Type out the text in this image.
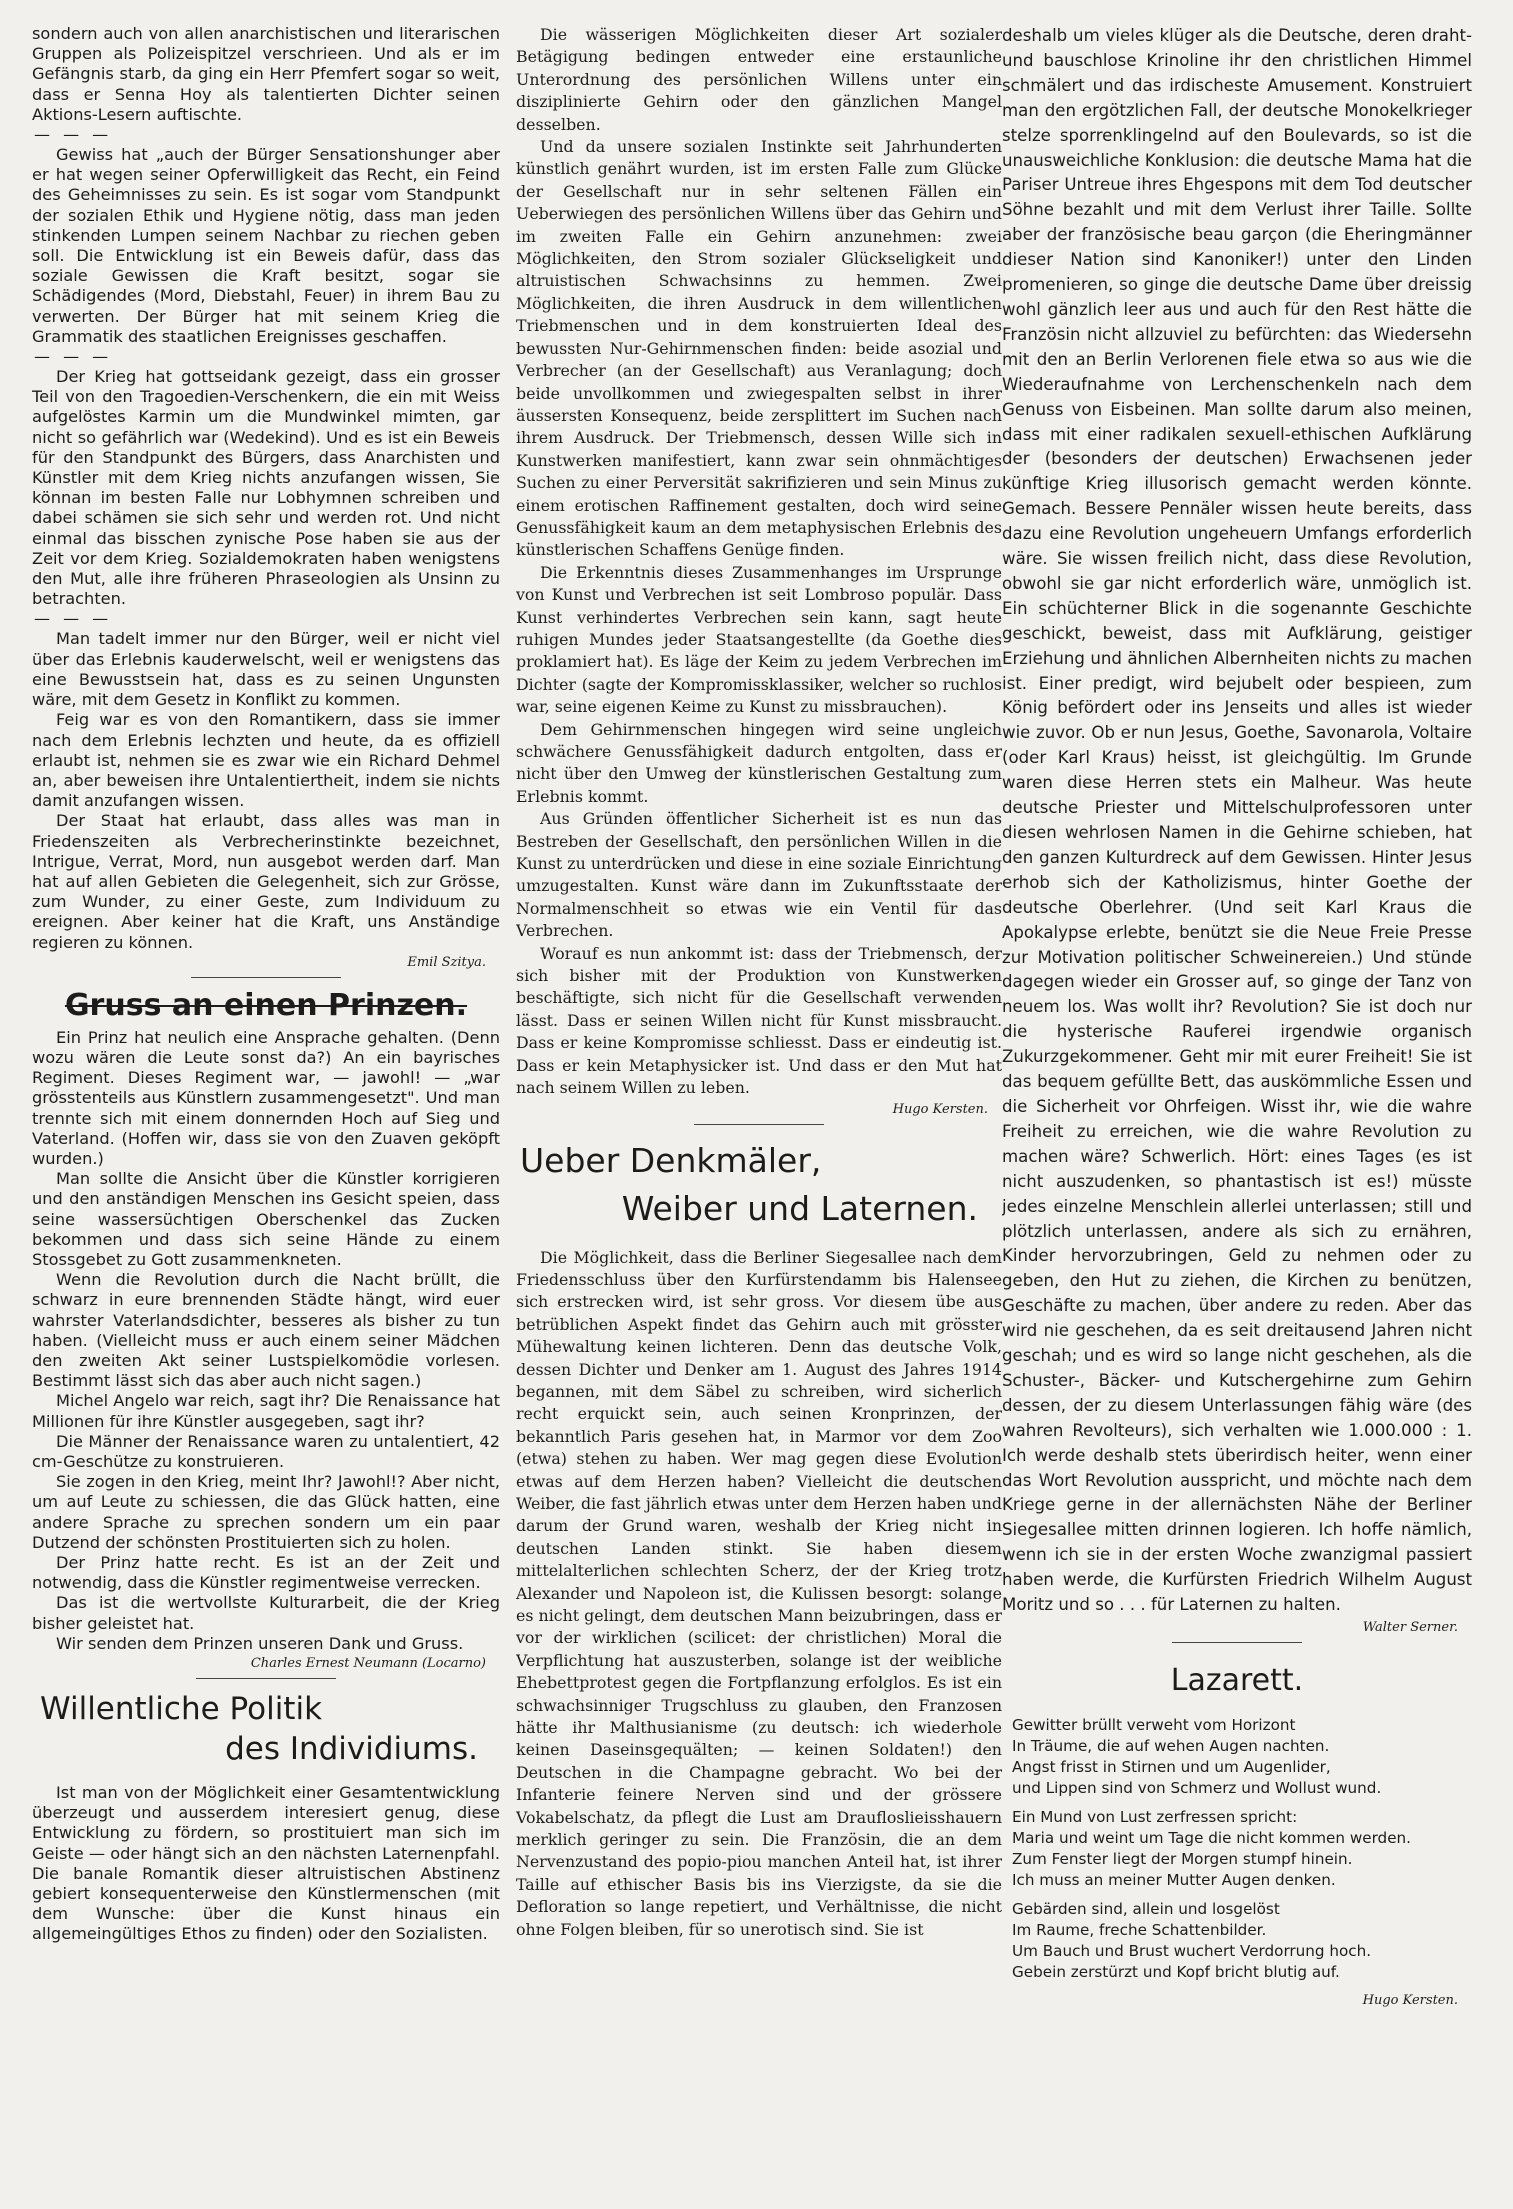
sondern auch von allen anarchistischen und literarischen Gruppen als Polizeispitzel verschrieen. Und als er im Gefängnis starb, da ging ein Herr Pfemfert sogar so weit, dass er Senna Hoy als talentierten Dichter seinen Aktions-Lesern auftischte.

— — —

Gewiss hat „auch der Bürger Sensationshunger aber er hat wegen seiner Opferwilligkeit das Recht, ein Feind des Geheimnisses zu sein. Es ist sogar vom Standpunkt der sozialen Ethik und Hygiene nötig, dass man jeden stinkenden Lumpen seinem Nachbar zu riechen geben soll. Die Entwicklung ist ein Beweis dafür, dass das soziale Gewissen die Kraft besitzt, sogar sie Schädigendes (Mord, Diebstahl, Feuer) in ihrem Bau zu verwerten. Der Bürger hat mit seinem Krieg die Grammatik des staatlichen Ereignisses geschaffen.

— — —

Der Krieg hat gottseidank gezeigt, dass ein grosser Teil von den Tragoedien-Verschenkern, die ein mit Weiss aufgelöstes Karmin um die Mundwinkel mimten, gar nicht so gefährlich war (Wedekind). Und es ist ein Beweis für den Standpunkt des Bürgers, dass Anarchisten und Künstler mit dem Krieg nichts anzufangen wissen, Sie könnan im besten Falle nur Lobhymnen schreiben und dabei schämen sie sich sehr und werden rot. Und nicht einmal das bisschen zynische Pose haben sie aus der Zeit vor dem Krieg. Sozialdemokraten haben wenigstens den Mut, alle ihre früheren Phraseologien als Unsinn zu betrachten.

— — —

Man tadelt immer nur den Bürger, weil er nicht viel über das Erlebnis kauderwelscht, weil er wenigstens das eine Bewusstsein hat, dass es zu seinen Ungunsten wäre, mit dem Gesetz in Konflikt zu kommen.

Feig war es von den Romantikern, dass sie immer nach dem Erlebnis lechzten und heute, da es offiziell erlaubt ist, nehmen sie es zwar wie ein Richard Dehmel an, aber beweisen ihre Untalentiertheit, indem sie nichts damit anzufangen wissen.

Der Staat hat erlaubt, dass alles was man in Friedenszeiten als Verbrecherinstinkte bezeichnet, Intrigue, Verrat, Mord, nun ausgebot werden darf. Man hat auf allen Gebieten die Gelegenheit, sich zur Grösse, zum Wunder, zu einer Geste, zum Individuum zu ereignen. Aber keiner hat die Kraft, uns Anständige regieren zu können.

Emil Szitya.
Gruss an einen Prinzen.

Ein Prinz hat neulich eine Ansprache gehalten. (Denn wozu wären die Leute sonst da?) An ein bayrisches Regiment. Dieses Regiment war, — jawohl! — „war grösstenteils aus Künstlern zusammengesetzt". Und man trennte sich mit einem donnernden Hoch auf Sieg und Vaterland. (Hoffen wir, dass sie von den Zuaven geköpft wurden.)

Man sollte die Ansicht über die Künstler korrigieren und den anständigen Menschen ins Gesicht speien, dass seine wassersüchtigen Oberschenkel das Zucken bekommen und dass sich seine Hände zu einem Stossgebet zu Gott zusammenkneten.

Wenn die Revolution durch die Nacht brüllt, die schwarz in eure brennenden Städte hängt, wird euer wahrster Vaterlandsdichter, besseres als bisher zu tun haben. (Vielleicht muss er auch einem seiner Mädchen den zweiten Akt seiner Lustspielkomödie vorlesen. Bestimmt lässt sich das aber auch nicht sagen.)

Michel Angelo war reich, sagt ihr? Die Renaissance hat Millionen für ihre Künstler ausgegeben, sagt ihr?

Die Männer der Renaissance waren zu untalentiert, 42 cm-Geschütze zu konstruieren.

Sie zogen in den Krieg, meint Ihr? Jawohl!? Aber nicht, um auf Leute zu schiessen, die das Glück hatten, eine andere Sprache zu sprechen sondern um ein paar Dutzend der schönsten Prostituierten sich zu holen.

Der Prinz hatte recht. Es ist an der Zeit und notwendig, dass die Künstler regimentweise verrecken.

Das ist die wertvollste Kulturarbeit, die der Krieg bisher geleistet hat.

Wir senden dem Prinzen unseren Dank und Gruss.

Charles Ernest Neumann (Locarno)
Willentliche Politik
des Individiums.

Ist man von der Möglichkeit einer Gesamtentwicklung überzeugt und ausserdem interesiert genug, diese Entwicklung zu fördern, so prostituiert man sich im Geiste — oder hängt sich an den nächsten Laternenpfahl. Die banale Romantik dieser altruistischen Abstinenz gebiert konsequenterweise den Künstlermenschen (mit dem Wunsche: über die Kunst hinaus ein allgemeingültiges Ethos zu finden) oder den Sozialisten.

Die wässerigen Möglichkeiten dieser Art sozialer Betägigung bedingen entweder eine erstaunliche Unterordnung des persönlichen Willens unter ein disziplinierte Gehirn oder den gänzlichen Mangel desselben.

Und da unsere sozialen Instinkte seit Jahrhunderten künstlich genährt wurden, ist im ersten Falle zum Glücke der Gesellschaft nur in sehr seltenen Fällen ein Ueberwiegen des persönlichen Willens über das Gehirn und im zweiten Falle ein Gehirn anzunehmen: zwei Möglichkeiten, den Strom sozialer Glückseligkeit und altruistischen Schwachsinns zu hemmen. Zwei Möglichkeiten, die ihren Ausdruck in dem willentlichen Triebmenschen und in dem konstruierten Ideal des bewussten Nur-Gehirnmenschen finden: beide asozial und Verbrecher (an der Gesellschaft) aus Veranlagung; doch beide unvollkommen und zwiegespalten selbst in ihrer äussersten Konsequenz, beide zersplittert im Suchen nach ihrem Ausdruck. Der Triebmensch, dessen Wille sich in Kunstwerken manifestiert, kann zwar sein ohnmächtiges Suchen zu einer Perversität sakrifizieren und sein Minus zu einem erotischen Raffinement gestalten, doch wird seine Genussfähigkeit kaum an dem metaphysischen Erlebnis des künstlerischen Schaffens Genüge finden.

Die Erkenntnis dieses Zusammenhanges im Ursprunge von Kunst und Verbrechen ist seit Lombroso populär. Dass Kunst verhindertes Verbrechen sein kann, sagt heute ruhigen Mundes jeder Staatsangestellte (da Goethe dies proklamiert hat). Es läge der Keim zu jedem Verbrechen im Dichter (sagte der Kompromissklassiker, welcher so ruchlos war, seine eigenen Keime zu Kunst zu missbrauchen).

Dem Gehirnmenschen hingegen wird seine ungleich schwächere Genussfähigkeit dadurch entgolten, dass er nicht über den Umweg der künstlerischen Gestaltung zum Erlebnis kommt.

Aus Gründen öffentlicher Sicherheit ist es nun das Bestreben der Gesellschaft, den persönlichen Willen in die Kunst zu unterdrücken und diese in eine soziale Einrichtung umzugestalten. Kunst wäre dann im Zukunftsstaate der Normalmenschheit so etwas wie ein Ventil für das Verbrechen.

Worauf es nun ankommt ist: dass der Triebmensch, der sich bisher mit der Produktion von Kunstwerken beschäftigte, sich nicht für die Gesellschaft verwenden lässt. Dass er seinen Willen nicht für Kunst missbraucht. Dass er keine Kompromisse schliesst. Dass er eindeutig ist. Dass er kein Metaphysicker ist. Und dass er den Mut hat nach seinem Willen zu leben.

Hugo Kersten.
Ueber Denkmäler,
Weiber und Laternen.

Die Möglichkeit, dass die Berliner Siegesallee nach dem Friedensschluss über den Kurfürstendamm bis Halensee sich erstrecken wird, ist sehr gross. Vor diesem übe aus betrüblichen Aspekt findet das Gehirn auch mit grösster Mühewaltung keinen lichteren. Denn das deutsche Volk, dessen Dichter und Denker am 1. August des Jahres 1914 begannen, mit dem Säbel zu schreiben, wird sicherlich recht erquickt sein, auch seinen Kronprinzen, der bekanntlich Paris gesehen hat, in Marmor vor dem Zoo (etwa) stehen zu haben. Wer mag gegen diese Evolution etwas auf dem Herzen haben? Vielleicht die deutschen Weiber, die fast jährlich etwas unter dem Herzen haben und darum der Grund waren, weshalb der Krieg nicht in deutschen Landen stinkt. Sie haben diesem mittelalterlichen schlechten Scherz, der der Krieg trotz Alexander und Napoleon ist, die Kulissen besorgt: solange es nicht gelingt, dem deutschen Mann beizubringen, dass er vor der wirklichen (scilicet: der christlichen) Moral die Verpflichtung hat auszusterben, solange ist der weibliche Ehebettprotest gegen die Fortpflanzung erfolglos. Es ist ein schwachsinniger Trugschluss zu glauben, den Franzosen hätte ihr Malthusianisme (zu deutsch: ich wiederhole keinen Daseinsgequälten; — keinen Soldaten!) den Deutschen in die Champagne gebracht. Wo bei der Infanterie feinere Nerven sind und der grössere Vokabelschatz, da pflegt die Lust am Draufloslieisshauern merklich geringer zu sein. Die Französin, die an dem Nervenzustand des popio-piou manchen Anteil hat, ist ihrer Taille auf ethischer Basis bis ins Vierzigste, da sie die Defloration so lange repetiert, und Verhältnisse, die nicht ohne Folgen bleiben, für so unerotisch sind. Sie ist

deshalb um vieles klüger als die Deutsche, deren draht- und bauschlose Krinoline ihr den christlichen Himmel schmälert und das irdischeste Amusement. Konstruiert man den ergötzlichen Fall, der deutsche Monokelkrieger stelze sporrenklingelnd auf den Boulevards, so ist die unausweichliche Konklusion: die deutsche Mama hat die Pariser Untreue ihres Ehgespons mit dem Tod deutscher Söhne bezahlt und mit dem Verlust ihrer Taille. Sollte aber der französische beau garçon (die Eheringmänner dieser Nation sind Kanoniker!) unter den Linden promenieren, so ginge die deutsche Dame über dreissig wohl gänzlich leer aus und auch für den Rest hätte die Französin nicht allzuviel zu befürchten: das Wiedersehn mit den an Berlin Verlorenen fiele etwa so aus wie die Wiederaufnahme von Lerchenschenkeln nach dem Genuss von Eisbeinen. Man sollte darum also meinen, dass mit einer radikalen sexuell-ethischen Aufklärung der (besonders der deutschen) Erwachsenen jeder künftige Krieg illusorisch gemacht werden könnte. Gemach. Bessere Pennäler wissen heute bereits, dass dazu eine Revolution ungeheuern Umfangs erforderlich wäre. Sie wissen freilich nicht, dass diese Revolution, obwohl sie gar nicht erforderlich wäre, unmöglich ist. Ein schüchterner Blick in die sogenannte Geschichte geschickt, beweist, dass mit Aufklärung, geistiger Erziehung und ähnlichen Albernheiten nichts zu machen ist. Einer predigt, wird bejubelt oder bespieen, zum König befördert oder ins Jenseits und alles ist wieder wie zuvor. Ob er nun Jesus, Goethe, Savonarola, Voltaire (oder Karl Kraus) heisst, ist gleichgültig. Im Grunde waren diese Herren stets ein Malheur. Was heute deutsche Priester und Mittelschulprofessoren unter diesen wehrlosen Namen in die Gehirne schieben, hat den ganzen Kulturdreck auf dem Gewissen. Hinter Jesus erhob sich der Katholizismus, hinter Goethe der deutsche Oberlehrer. (Und seit Karl Kraus die Apokalypse erlebte, benützt sie die Neue Freie Presse zur Motivation politischer Schweinereien.) Und stünde dagegen wieder ein Grosser auf, so ginge der Tanz von neuem los. Was wollt ihr? Revolution? Sie ist doch nur die hysterische Rauferei irgendwie organisch Zukurzgekommener. Geht mir mit eurer Freiheit! Sie ist das bequem gefüllte Bett, das auskömmliche Essen und die Sicherheit vor Ohrfeigen. Wisst ihr, wie die wahre Freiheit zu erreichen, wie die wahre Revolution zu machen wäre? Schwerlich. Hört: eines Tages (es ist nicht auszudenken, so phantastisch ist es!) müsste jedes einzelne Menschlein allerlei unterlassen; still und plötzlich unterlassen, andere als sich zu ernähren, Kinder hervorzubringen, Geld zu nehmen oder zu geben, den Hut zu ziehen, die Kirchen zu benützen, Geschäfte zu machen, über andere zu reden. Aber das wird nie geschehen, da es seit dreitausend Jahren nicht geschah; und es wird so lange nicht geschehen, als die Schuster-, Bäcker- und Kutschergehirne zum Gehirn dessen, der zu diesem Unterlassungen fähig wäre (des wahren Revolteurs), sich verhalten wie 1.000.000 : 1. Ich werde deshalb stets überirdisch heiter, wenn einer das Wort Revolution ausspricht, und möchte nach dem Kriege gerne in der allernächsten Nähe der Berliner Siegesallee mitten drinnen logieren. Ich hoffe nämlich, wenn ich sie in der ersten Woche zwanzigmal passiert haben werde, die Kurfürsten Friedrich Wilhelm August Moritz und so . . . für Laternen zu halten.

Walter Serner.
Lazarett.
Gewitter brüllt verweht vom Horizont
In Träume, die auf wehen Augen nachten.
Angst frisst in Stirnen und um Augenlider,
und Lippen sind von Schmerz und Wollust wund.
Ein Mund von Lust zerfressen spricht:
Maria und weint um Tage die nicht kommen werden.
Zum Fenster liegt der Morgen stumpf hinein.
Ich muss an meiner Mutter Augen denken.
Gebärden sind, allein und losgelöst
Im Raume, freche Schattenbilder.
Um Bauch und Brust wuchert Verdorrung hoch.
Gebein zerstürzt und Kopf bricht blutig auf.
Hugo Kersten.
